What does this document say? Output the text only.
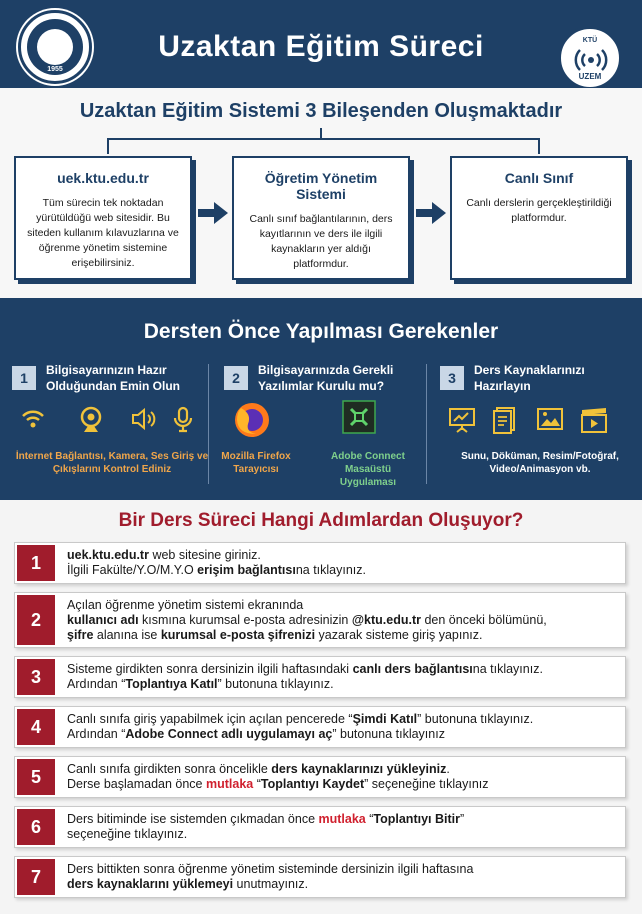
1955
Uzaktan Eğitim Süreci	KTÜ
UZEM
Uzaktan Eğitim Sistemi 3 Bileşenden Oluşmaktadır
uek.ktu.edu.tr
Tüm sürecin tek noktadan yürütüldüğü web sitesidir. Bu siteden kullanım kılavuzlarına ve öğrenme yönetim sistemine erişebilirsiniz.
Öğretim Yönetim Sistemi
Canlı sınıf bağlantılarının, ders kayıtlarının ve ders ile ilgili kaynakların yer aldığı platformdur.
Canlı Sınıf
Canlı derslerin gerçekleştirildiği platformdur.
Dersten Önce Yapılması Gerekenler
1	Bilgisayarınızın Hazır Olduğundan Emin Olun
İnternet Bağlantısı, Kamera, Ses Giriş ve Çıkışlarını Kontrol Ediniz
2	Bilgisayarınızda Gerekli Yazılımlar Kurulu mu?
Mozilla Firefox Tarayıcısı
Adobe Connect Masaüstü Uygulaması
3	Ders Kaynaklarınızı Hazırlayın
Sunu, Döküman, Resim/Fotoğraf, Video/Animasyon vb.
Bir Ders Süreci Hangi Adımlardan Oluşuyor?
1	uek.ktu.edu.tr web sitesine giriniz.
İlgili Fakülte/Y.O/M.Y.O erişim bağlantısına tıklayınız.
2
Açılan öğrenme yönetim sistemi ekranında
kullanıcı adı kısmına kurumsal e-posta adresinizin @ktu.edu.tr den önceki bölümünü,
şifre alanına ise kurumsal e-posta şifrenizi yazarak sisteme giriş yapınız.
3	Sisteme girdikten sonra dersinizin ilgili haftasındaki canlı ders bağlantısına tıklayınız.
Ardından “Toplantıya Katıl” butonuna tıklayınız.
4	Canlı sınıfa giriş yapabilmek için açılan pencerede “Şimdi Katıl” butonuna tıklayınız.
Ardından “Adobe Connect adlı uygulamayı aç” butonuna tıklayınız
5	Canlı sınıfa girdikten sonra öncelikle ders kaynaklarınızı yükleyiniz.
Derse başlamadan önce mutlaka “Toplantıyı Kaydet” seçeneğine tıklayınız
6	Ders bitiminde ise sistemden çıkmadan önce mutlaka “Toplantıyı Bitir”
seçeneğine tıklayınız.
7	Ders bittikten sonra öğrenme yönetim sisteminde dersinizin ilgili haftasına
ders kaynaklarını yüklemeyi unutmayınız.
